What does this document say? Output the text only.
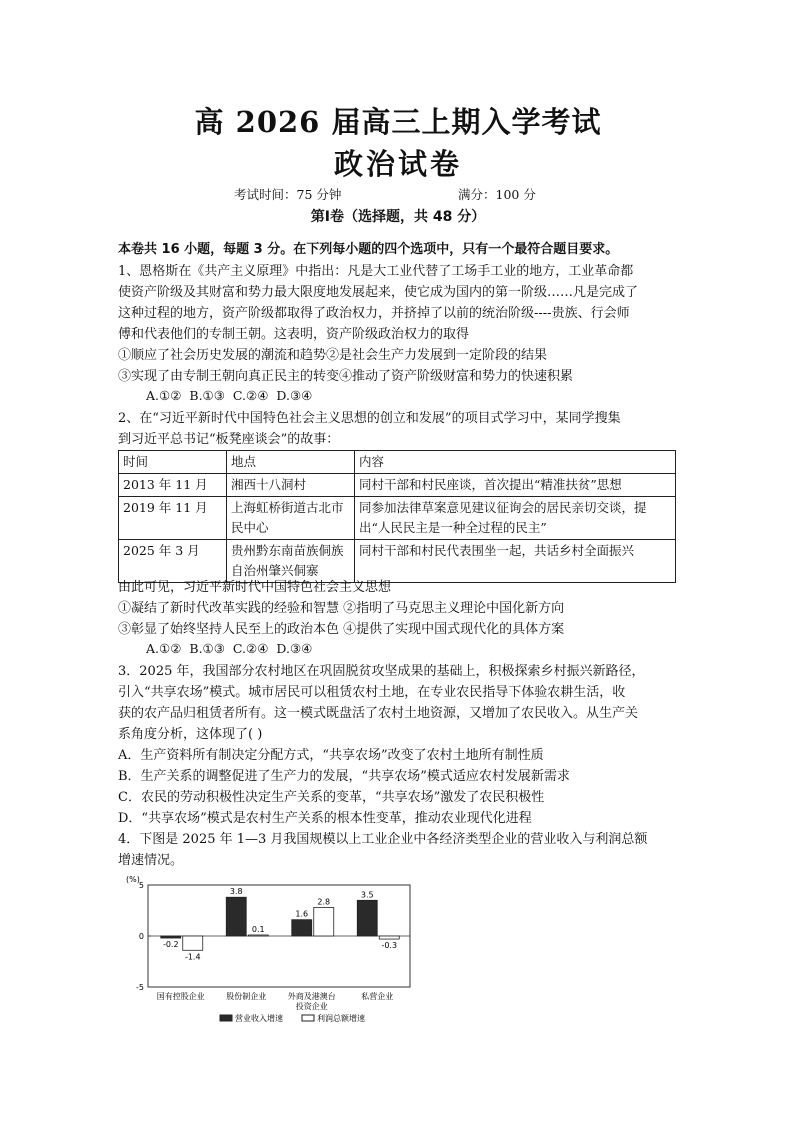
高 2026 届高三上期入学考试
政治试卷
考试时间：75 分钟	满分：100 分
第Ⅰ卷（选择题，共 48 分）
本卷共 16 小题，每题 3 分。在下列每小题的四个选项中，只有一个最符合题目要求。

1、恩格斯在《共产主义原理》中指出：凡是大工业代替了工场手工业的地方，工业革命都

使资产阶级及其财富和势力最大限度地发展起来，使它成为国内的第一阶级……凡是完成了

这种过程的地方，资产阶级都取得了政治权力，并挤掉了以前的统治阶级----贵族、行会师

傅和代表他们的专制王朝。这表明，资产阶级政治权力的取得

①顺应了社会历史发展的潮流和趋势②是社会生产力发展到一定阶段的结果

③实现了由专制王朝向真正民主的转变④推动了资产阶级财富和势力的快速积累

A.①② B.①③ C.②④ D.③④

2、在“习近平新时代中国特色社会主义思想的创立和发展”的项目式学习中，某同学搜集

到习近平总书记“板凳座谈会”的故事：

时间	地点	内容
2013 年 11 月	湘西十八洞村	同村干部和村民座谈，首次提出“精准扶贫”思想
2019 年 11 月	上海虹桥街道古北市民中心	同参加法律草案意见建议征询会的居民亲切交谈，提出“人民民主是一种全过程的民主”
2025 年 3 月	贵州黔东南苗族侗族自治州肇兴侗寨	同村干部和村民代表围坐一起，共话乡村全面振兴

由此可见，习近平新时代中国特色社会主义思想

①凝结了新时代改革实践的经验和智慧 ②指明了马克思主义理论中国化新方向

③彰显了始终坚持人民至上的政治本色 ④提供了实现中国式现代化的具体方案

A.①② B.①③ C.②④ D.③④

3．2025 年，我国部分农村地区在巩固脱贫攻坚成果的基础上，积极探索乡村振兴新路径，

引入“共享农场”模式。城市居民可以租赁农村土地，在专业农民指导下体验农耕生活，收

获的农产品归租赁者所有。这一模式既盘活了农村土地资源，又增加了农民收入。从生产关

系角度分析，这体现了( )

A．生产资料所有制决定分配方式，“共享农场”改变了农村土地所有制性质

B．生产关系的调整促进了生产力的发展，“共享农场”模式适应农村发展新需求

C．农民的劳动积极性决定生产关系的变革，“共享农场”激发了农民积极性

D．“共享农场”模式是农村生产关系的根本性变革，推动农业现代化进程

4．下图是 2025 年 1—3 月我国规模以上工业企业中各经济类型企业的营业收入与利润总额

增速情况。

(%)
5
0
-5
-0.2
-1.4
国有控股企业
3.8
0.1
股份制企业
1.6
2.8
外商及港澳台
投资企业
3.5
-0.3
私营企业
营业收入增速	利润总额增速
